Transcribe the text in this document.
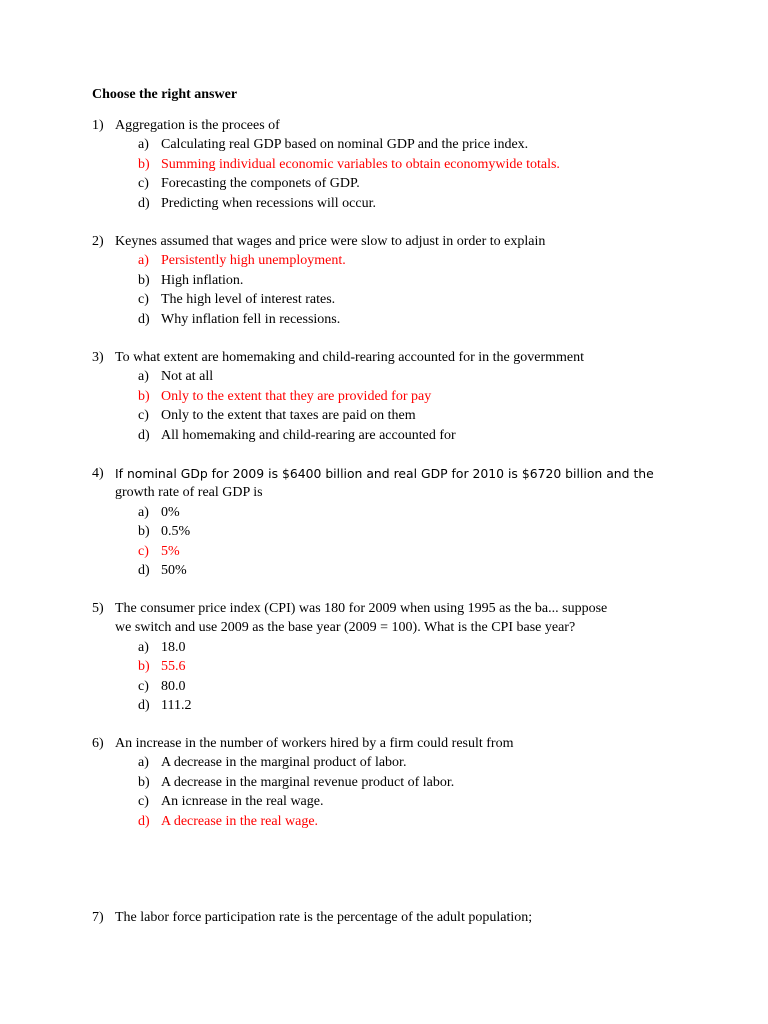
Choose the right answer
1) Aggregation is the procees of
a) Calculating real GDP based on nominal GDP and the price index.
b) Summing individual economic variables to obtain economywide totals.
c) Forecasting the componets of GDP.
d) Predicting when recessions will occur.
2) Keynes assumed that wages and price were slow to adjust in order to explain
a) Persistently high unemployment.
b) High inflation.
c) The high level of interest rates.
d) Why inflation fell in recessions.
3) To what extent are homemaking and child-rearing accounted for in the govermment
a) Not at all
b) Only to the extent that they are provided for pay
c) Only to the extent that taxes are paid on them
d) All homemaking and child-rearing are accounted for
4) If nominal GDp for 2009 is $6400 billion and real GDP for 2010 is $6720 billion and the
growth rate of real GDP is
a) 0%
b) 0.5%
c) 5%
d) 50%
5) The consumer price index (CPI) was 180 for 2009 when using 1995 as the ba... suppose
we switch and use 2009 as the base year (2009 = 100). What is the CPI base year?
a) 18.0
b) 55.6
c) 80.0
d) 111.2
6) An increase in the number of workers hired by a firm could result from
a) A decrease in the marginal product of labor.
b) A decrease in the marginal revenue product of labor.
c) An icnrease in the real wage.
d) A decrease in the real wage.
7) The labor force participation rate is the percentage of the adult population;
